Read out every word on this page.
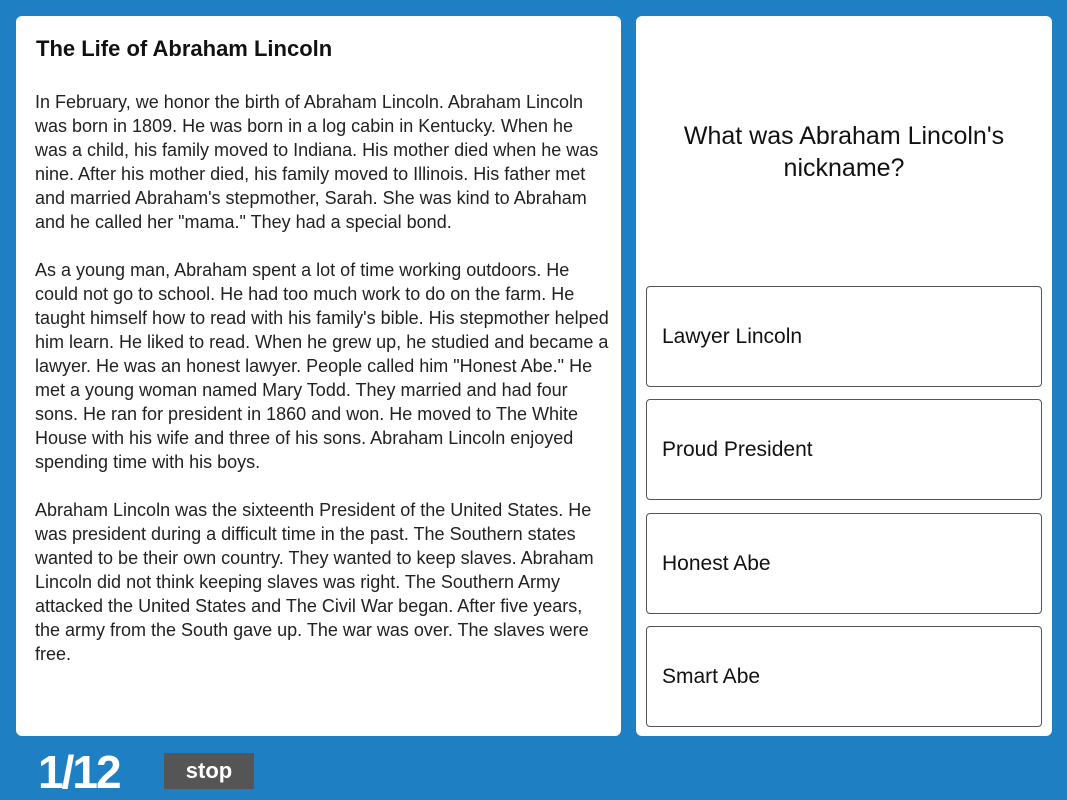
The Life of Abraham Lincoln

In February, we honor the birth of Abraham Lincoln. Abraham Lincoln was born in 1809. He was born in a log cabin in Kentucky. When he was a child, his family moved to Indiana. His mother died when he was nine. After his mother died, his family moved to Illinois. His father met and married Abraham's stepmother, Sarah. She was kind to Abraham and he called her "mama." They had a special bond.

As a young man, Abraham spent a lot of time working outdoors. He could not go to school. He had too much work to do on the farm. He taught himself how to read with his family's bible. His stepmother helped him learn. He liked to read. When he grew up, he studied and became a lawyer. He was an honest lawyer. People called him "Honest Abe." He met a young woman named Mary Todd. They married and had four sons. He ran for president in 1860 and won. He moved to The White House with his wife and three of his sons. Abraham Lincoln enjoyed spending time with his boys.

Abraham Lincoln was the sixteenth President of the United States. He was president during a difficult time in the past. The Southern states wanted to be their own country. They wanted to keep slaves. Abraham Lincoln did not think keeping slaves was right. The Southern Army attacked the United States and The Civil War began. After five years, the army from the South gave up. The war was over. The slaves were free.

What was Abraham Lincoln's nickname?
Lawyer Lincoln
Proud President
Honest Abe
Smart Abe
1/12	stop
